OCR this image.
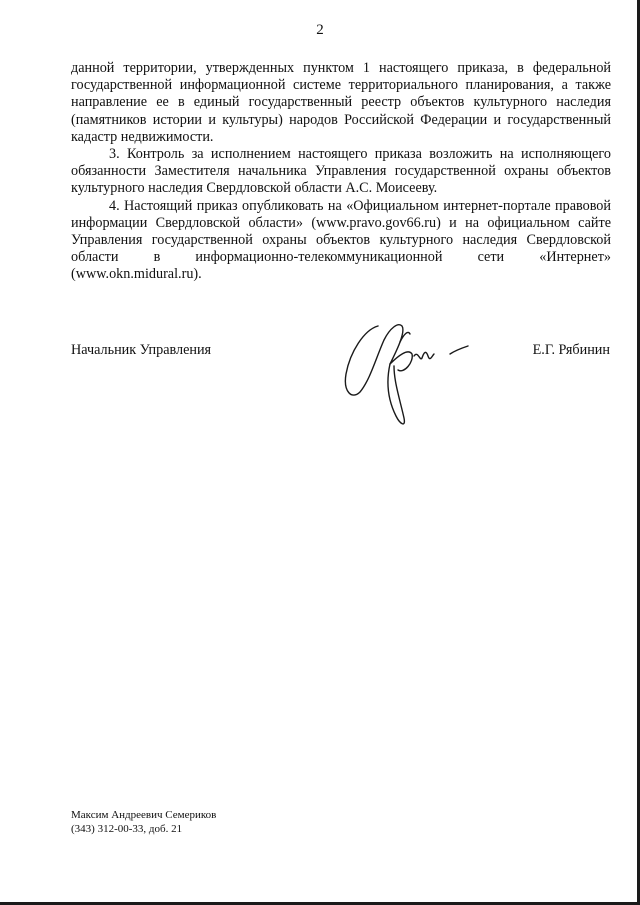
2

данной территории, утвержденных пунктом 1 настоящего приказа, в федеральной государственной информационной системе территориального планирования, а также направление ее в единый государственный реестр объектов культурного наследия (памятников истории и культуры) народов Российской Федерации и государственный кадастр недвижимости.

3. Контроль за исполнением настоящего приказа возложить на исполняющего обязанности Заместителя начальника Управления государственной охраны объектов культурного наследия Свердловской области А.С. Моисееву.

4. Настоящий приказ опубликовать на «Официальном интернет-портале правовой информации Свердловской области» (www.pravo.gov66.ru) и на официальном сайте Управления государственной охраны объектов культурного наследия Свердловской области в информационно-телекоммуникационной сети «Интернет» (www.okn.midural.ru).

Начальник Управления	Е.Г. Рябинин
Максим Андреевич Семериков
(343) 312-00-33, доб. 21
